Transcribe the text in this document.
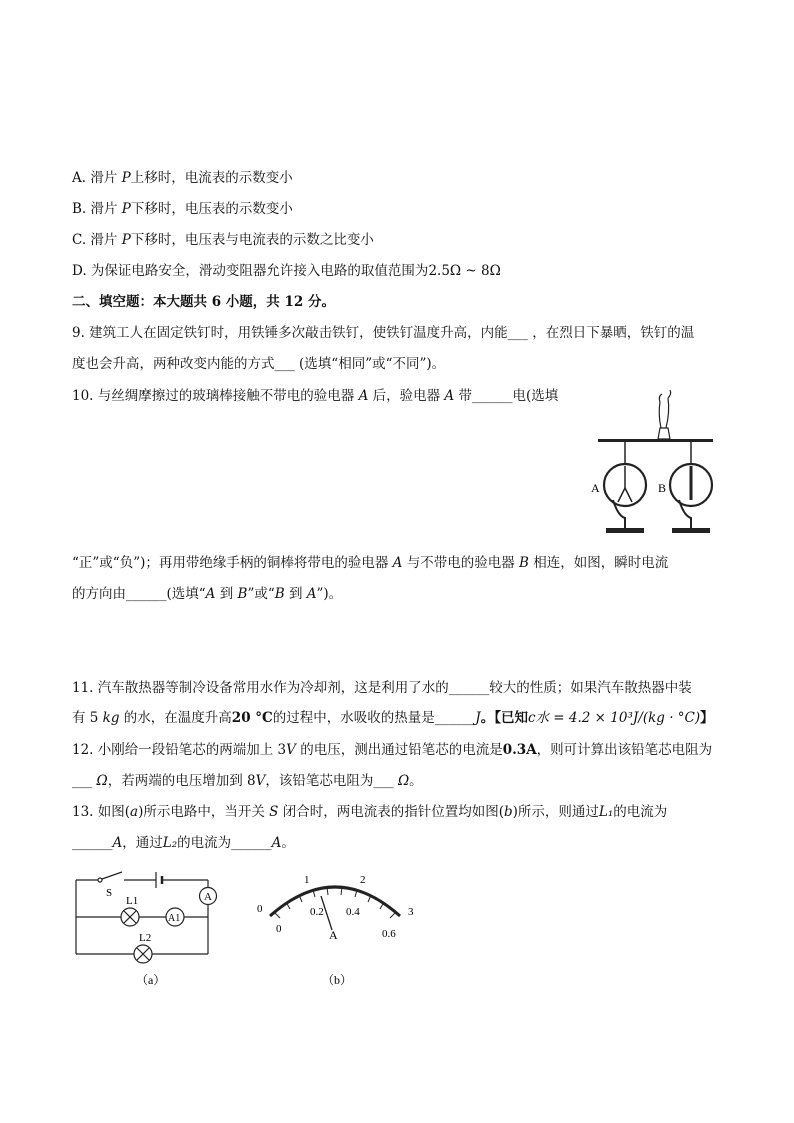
A. 滑片 P上移时，电流表的示数变小
B. 滑片 P下移时，电压表的示数变小
C. 滑片 P下移时，电压表与电流表的示数之比变小
D. 为保证电路安全，滑动变阻器允许接入电路的取值范围为2.5Ω ~ 8Ω
二、填空题：本大题共 6 小题，共 12 分。
9. 建筑工人在固定铁钉时，用铁锤多次敲击铁钉，使铁钉温度升高，内能___ ，在烈日下暴晒，铁钉的温
度也会升高，两种改变内能的方式___ (选填“相同”或“不同”)。
10. 与丝绸摩擦过的玻璃棒接触不带电的验电器 A 后，验电器 A 带______电(选填
A	B
“正”或“负”)；再用带绝缘手柄的铜棒将带电的验电器 A 与不带电的验电器 B 相连，如图，瞬时电流
的方向由______(选填“A 到 B”或“B 到 A”)。
11. 汽车散热器等制冷设备常用水作为冷却剂，这是利用了水的______较大的性质；如果汽车散热器中装
有 5 kg 的水，在温度升高20 °C的过程中，水吸收的热量是______J。【已知c水 = 4.2 × 10³J/(kg · °C)】
12. 小刚给一段铅笔芯的两端加上 3V 的电压，测出通过铅笔芯的电流是0.3A，则可计算出该铅笔芯电阻为
___ Ω，若两端的电压增加到 8V，该铅笔芯电阻为___ Ω。
13. 如图(a)所示电路中，当开关 S 闭合时，两电流表的指针位置均如图(b)所示，则通过L₁的电流为
______A，通过L₂的电流为______A。
A
L1
A1
L2
S
（a）
A
0
1	2
3
0
0.2 0.4
0.6
（b）
